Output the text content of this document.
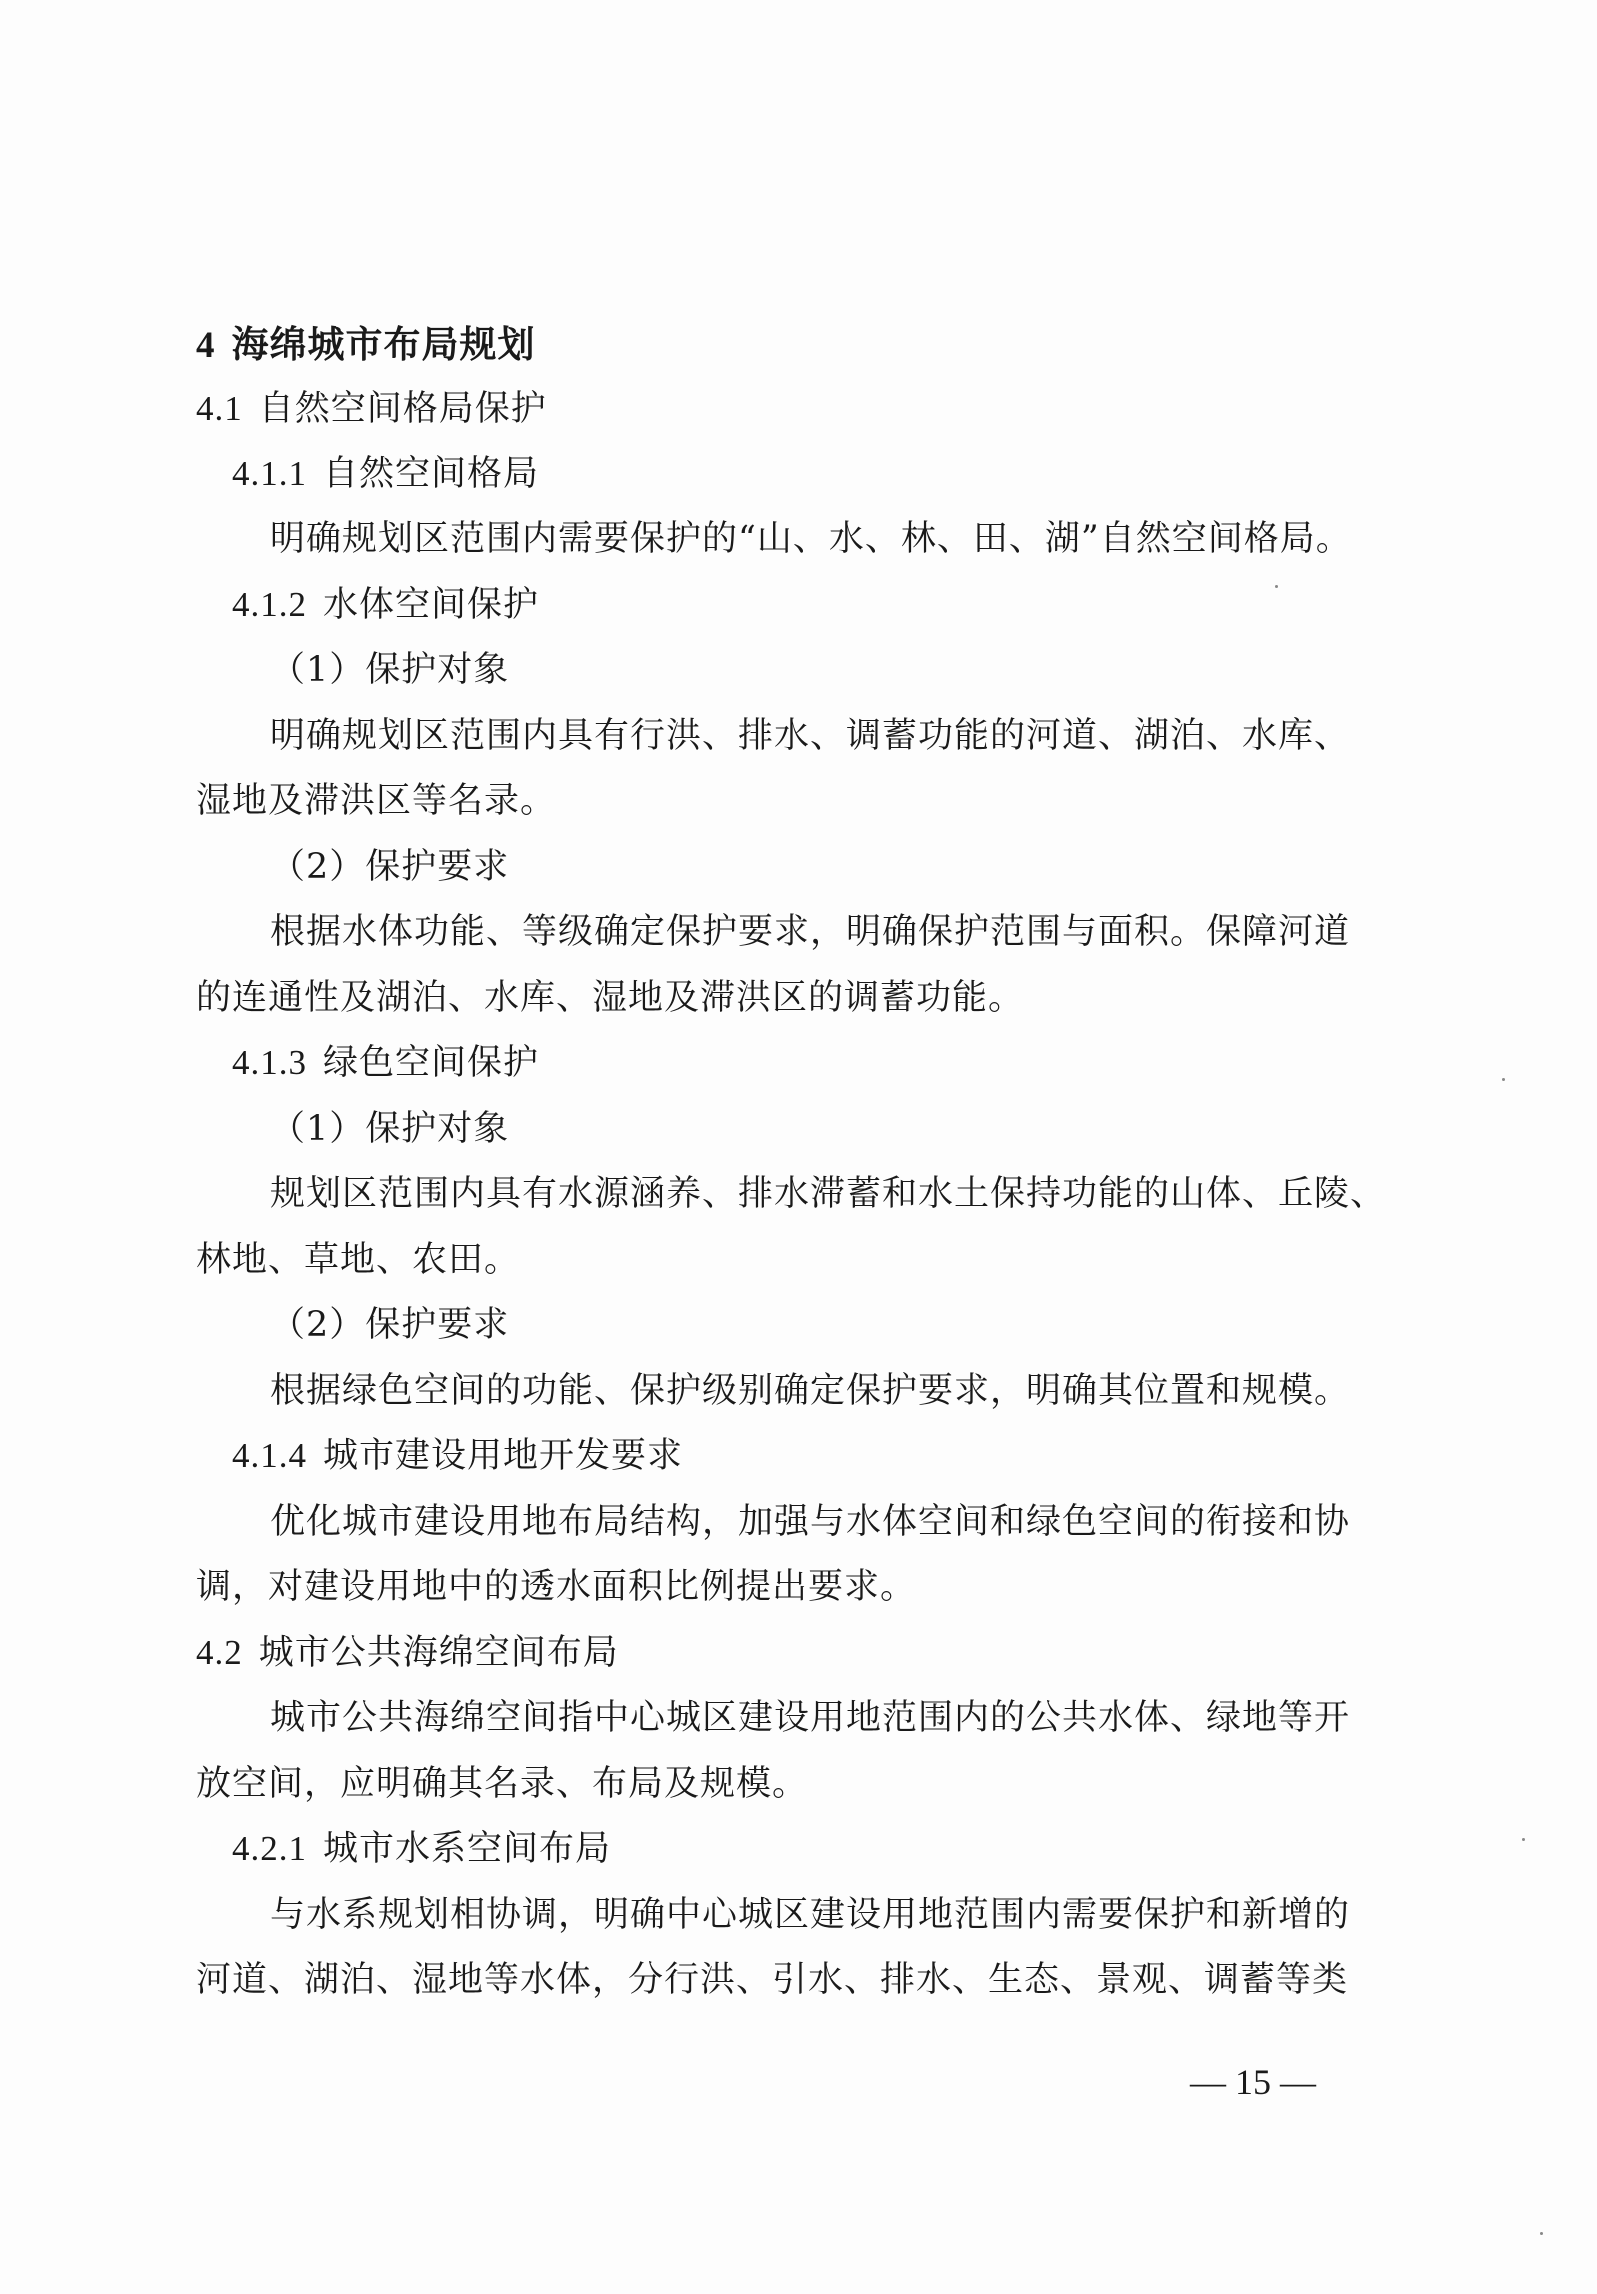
4 海绵城市布局规划
4.1 自然空间格局保护
4.1.1 自然空间格局
明确规划区范围内需要保护的“山、水、林、田、湖”自然空间格局。
4.1.2 水体空间保护
（1）保护对象
明确规划区范围内具有行洪、排水、调蓄功能的河道、湖泊、水库、
湿地及滞洪区等名录。
（2）保护要求
根据水体功能、等级确定保护要求，明确保护范围与面积。保障河道
的连通性及湖泊、水库、湿地及滞洪区的调蓄功能。
4.1.3 绿色空间保护
（1）保护对象
规划区范围内具有水源涵养、排水滞蓄和水土保持功能的山体、丘陵、
林地、草地、农田。
（2）保护要求
根据绿色空间的功能、保护级别确定保护要求，明确其位置和规模。
4.1.4 城市建设用地开发要求
优化城市建设用地布局结构，加强与水体空间和绿色空间的衔接和协
调，对建设用地中的透水面积比例提出要求。
4.2 城市公共海绵空间布局
城市公共海绵空间指中心城区建设用地范围内的公共水体、绿地等开
放空间，应明确其名录、布局及规模。
4.2.1 城市水系空间布局
与水系规划相协调，明确中心城区建设用地范围内需要保护和新增的
河道、湖泊、湿地等水体，分行洪、引水、排水、生态、景观、调蓄等类
— 15 —
